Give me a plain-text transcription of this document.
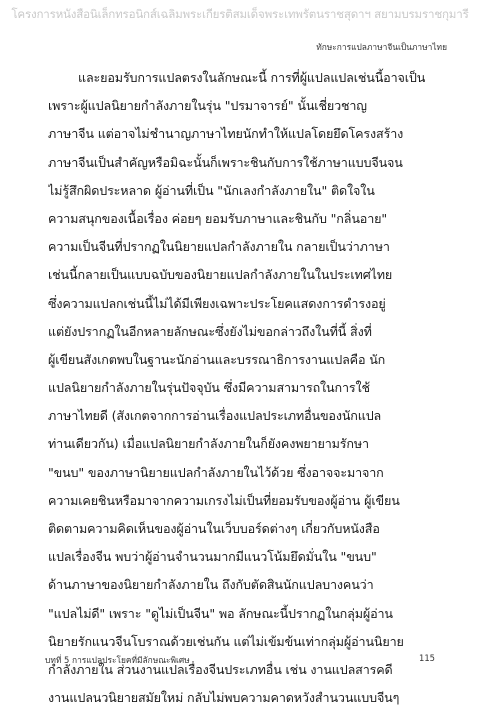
โครงการหนังสือนิเล็กทรอนิกส์เฉลิมพระเกียรติสมเด็จพระเทพรัตนราชสุดาฯ สยามบรมราชกุมารี
ทักษะการแปลภาษาจีนเป็นภาษาไทย
และยอมรับการแปลตรงในลักษณะนี้ การที่ผู้แปลแปลเช่นนี้อาจเป็น
เพราะผู้แปลนิยายกำลังภายในรุ่น "ปรมาจารย์" นั้นเชี่ยวชาญ
ภาษาจีน แต่อาจไม่ชำนาญภาษาไทยนักทำให้แปลโดยยึดโครงสร้าง
ภาษาจีนเป็นสำคัญหรือมิฉะนั้นก็เพราะชินกับการใช้ภาษาแบบจีนจน
ไม่รู้สึกผิดประหลาด ผู้อ่านที่เป็น "นักเลงกำลังภายใน" ติดใจใน
ความสนุกของเนื้อเรื่อง ค่อยๆ ยอมรับภาษาและชินกับ "กลิ่นอาย"
ความเป็นจีนที่ปรากฏในนิยายแปลกำลังภายใน กลายเป็นว่าภาษา
เช่นนี้กลายเป็นแบบฉบับของนิยายแปลกำลังภายในในประเทศไทย
ซึ่งความแปลกเช่นนี้ไม่ได้มีเพียงเฉพาะประโยคแสดงการดำรงอยู่
แต่ยังปรากฏในอีกหลายลักษณะซึ่งยังไม่ขอกล่าวถึงในที่นี้ สิ่งที่
ผู้เขียนสังเกตพบในฐานะนักอ่านและบรรณาธิการงานแปลคือ นัก
แปลนิยายกำลังภายในรุ่นปัจจุบัน ซึ่งมีความสามารถในการใช้
ภาษาไทยดี (สังเกตจากการอ่านเรื่องแปลประเภทอื่นของนักแปล
ท่านเดียวกัน) เมื่อแปลนิยายกำลังภายในก็ยังคงพยายามรักษา
"ขนบ" ของภาษานิยายแปลกำลังภายในไว้ด้วย ซึ่งอาจจะมาจาก
ความเคยชินหรือมาจากความเกรงไม่เป็นที่ยอมรับของผู้อ่าน ผู้เขียน
ติดตามความคิดเห็นของผู้อ่านในเว็บบอร์ดต่างๆ เกี่ยวกับหนังสือ
แปลเรื่องจีน พบว่าผู้อ่านจำนวนมากมีแนวโน้มยึดมั่นใน "ขนบ"
ด้านภาษาของนิยายกำลังภายใน ถึงกับตัดสินนักแปลบางคนว่า
"แปลไม่ดี" เพราะ "ดูไม่เป็นจีน" พอ ลักษณะนี้ปรากฏในกลุ่มผู้อ่าน
นิยายรักแนวจีนโบราณด้วยเช่นกัน แต่ไม่เข้มข้นเท่ากลุ่มผู้อ่านนิยาย
กำลังภายใน ส่วนงานแปลเรื่องจีนประเภทอื่น เช่น งานแปลสารคดี
งานแปลนวนิยายสมัยใหม่ กลับไม่พบความคาดหวังสำนวนแบบจีนๆ
บทที่ 5 การแปลประโยคที่มีลักษณะพิเศษ	115
